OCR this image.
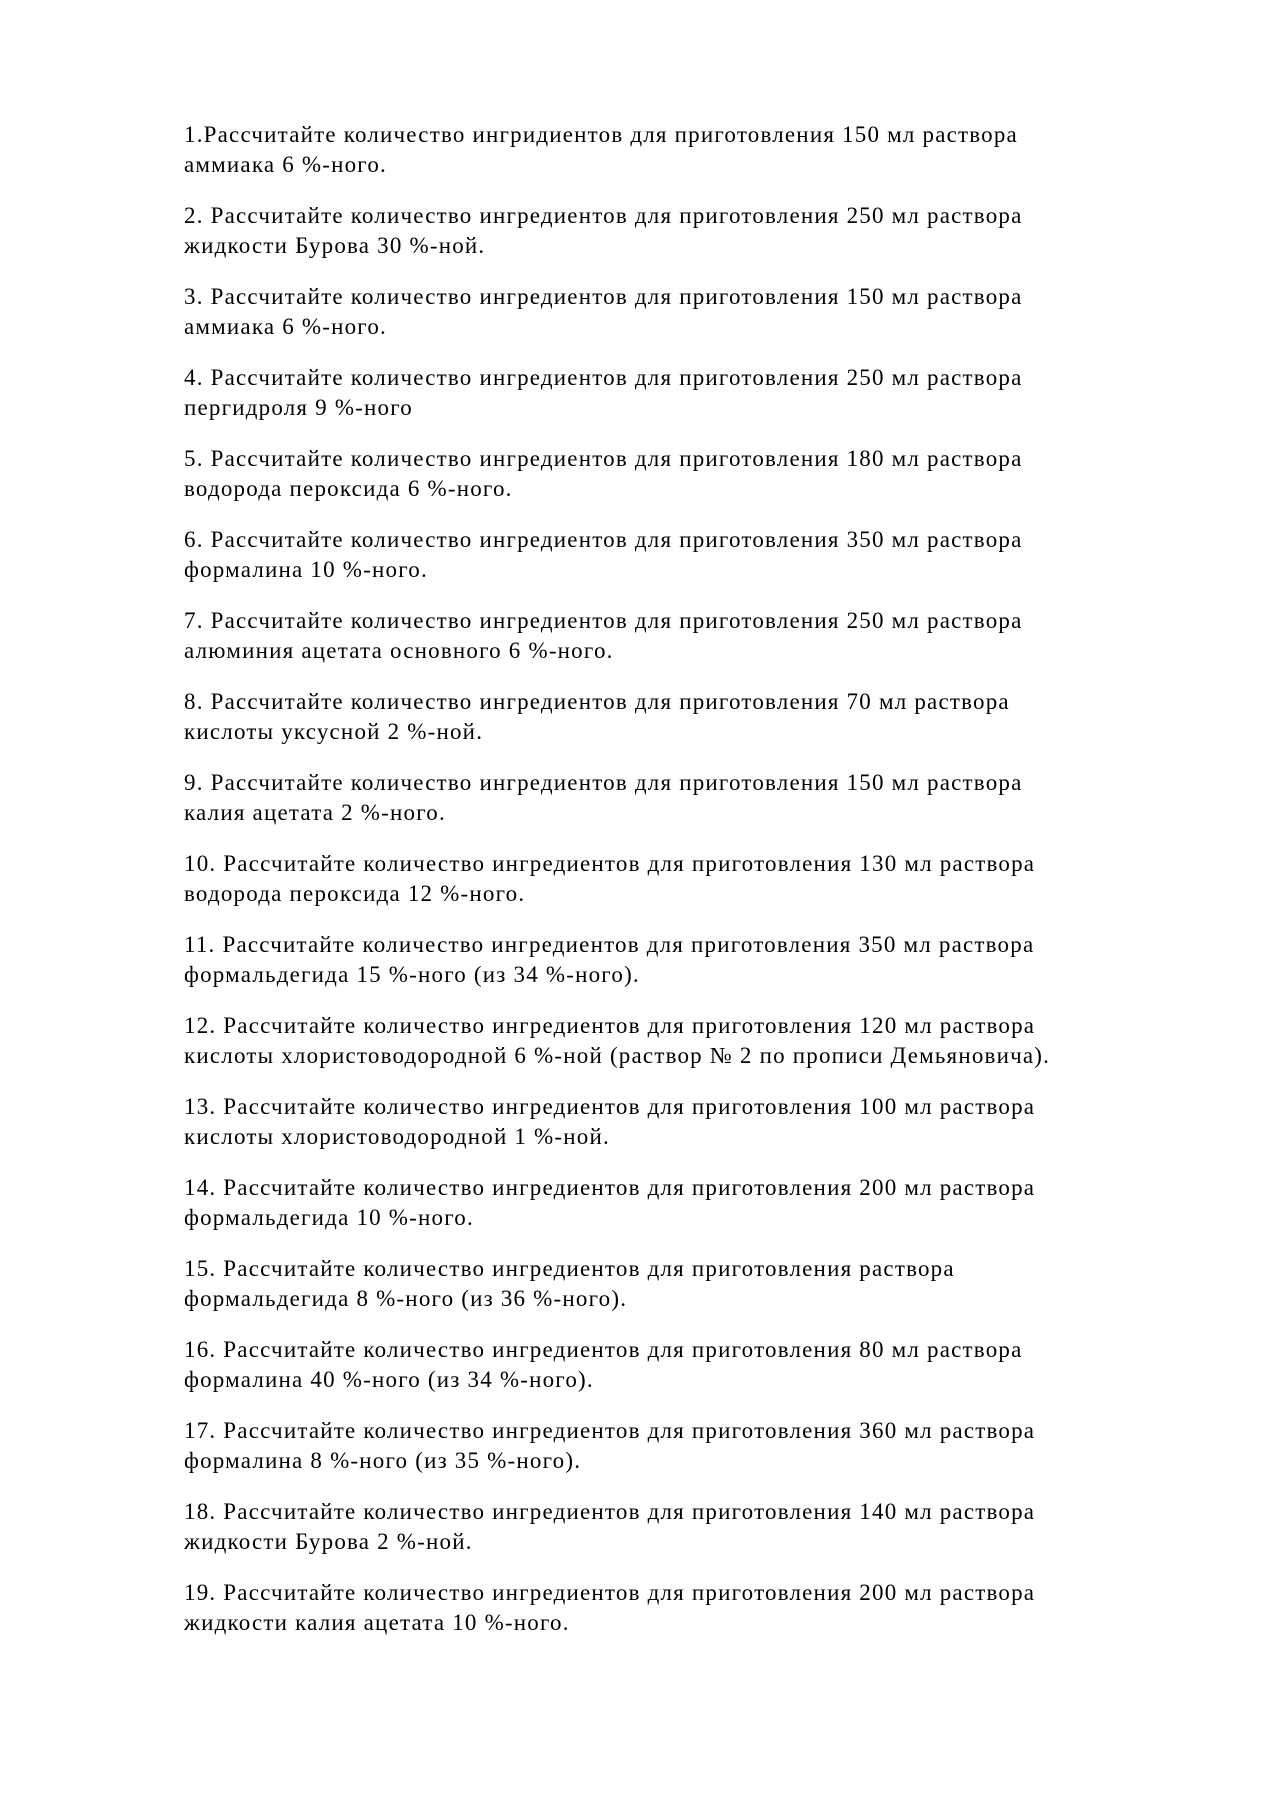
1.Рассчитайте количество ингридиентов для приготовления 150 мл раствора
аммиака 6 %-ного.
2. Рассчитайте количество ингредиентов для приготовления 250 мл раствора
жидкости Бурова 30 %-ной.
3. Рассчитайте количество ингредиентов для приготовления 150 мл раствора
аммиака 6 %-ного.
4. Рассчитайте количество ингредиентов для приготовления 250 мл раствора
пергидроля 9 %-ного
5. Рассчитайте количество ингредиентов для приготовления 180 мл раствора
водорода пероксида 6 %-ного.
6. Рассчитайте количество ингредиентов для приготовления 350 мл раствора
формалина 10 %-ного.
7. Рассчитайте количество ингредиентов для приготовления 250 мл раствора
алюминия ацетата основного 6 %-ного.
8. Рассчитайте количество ингредиентов для приготовления 70 мл раствора
кислоты уксусной 2 %-ной.
9. Рассчитайте количество ингредиентов для приготовления 150 мл раствора
калия ацетата 2 %-ного.
10. Рассчитайте количество ингредиентов для приготовления 130 мл раствора
водорода пероксида 12 %-ного.
11. Рассчитайте количество ингредиентов для приготовления 350 мл раствора
формальдегида 15 %-ного (из 34 %-ного).
12. Рассчитайте количество ингредиентов для приготовления 120 мл раствора
кислоты хлористоводородной 6 %-ной (раствор № 2 по прописи Демьяновича).
13. Рассчитайте количество ингредиентов для приготовления 100 мл раствора
кислоты хлористоводородной 1 %-ной.
14. Рассчитайте количество ингредиентов для приготовления 200 мл раствора
формальдегида 10 %-ного.
15. Рассчитайте количество ингредиентов для приготовления раствора
формальдегида 8 %-ного (из 36 %-ного).
16. Рассчитайте количество ингредиентов для приготовления 80 мл раствора
формалина 40 %-ного (из 34 %-ного).
17. Рассчитайте количество ингредиентов для приготовления 360 мл раствора
формалина 8 %-ного (из 35 %-ного).
18. Рассчитайте количество ингредиентов для приготовления 140 мл раствора
жидкости Бурова 2 %-ной.
19. Рассчитайте количество ингредиентов для приготовления 200 мл раствора
жидкости калия ацетата 10 %-ного.
